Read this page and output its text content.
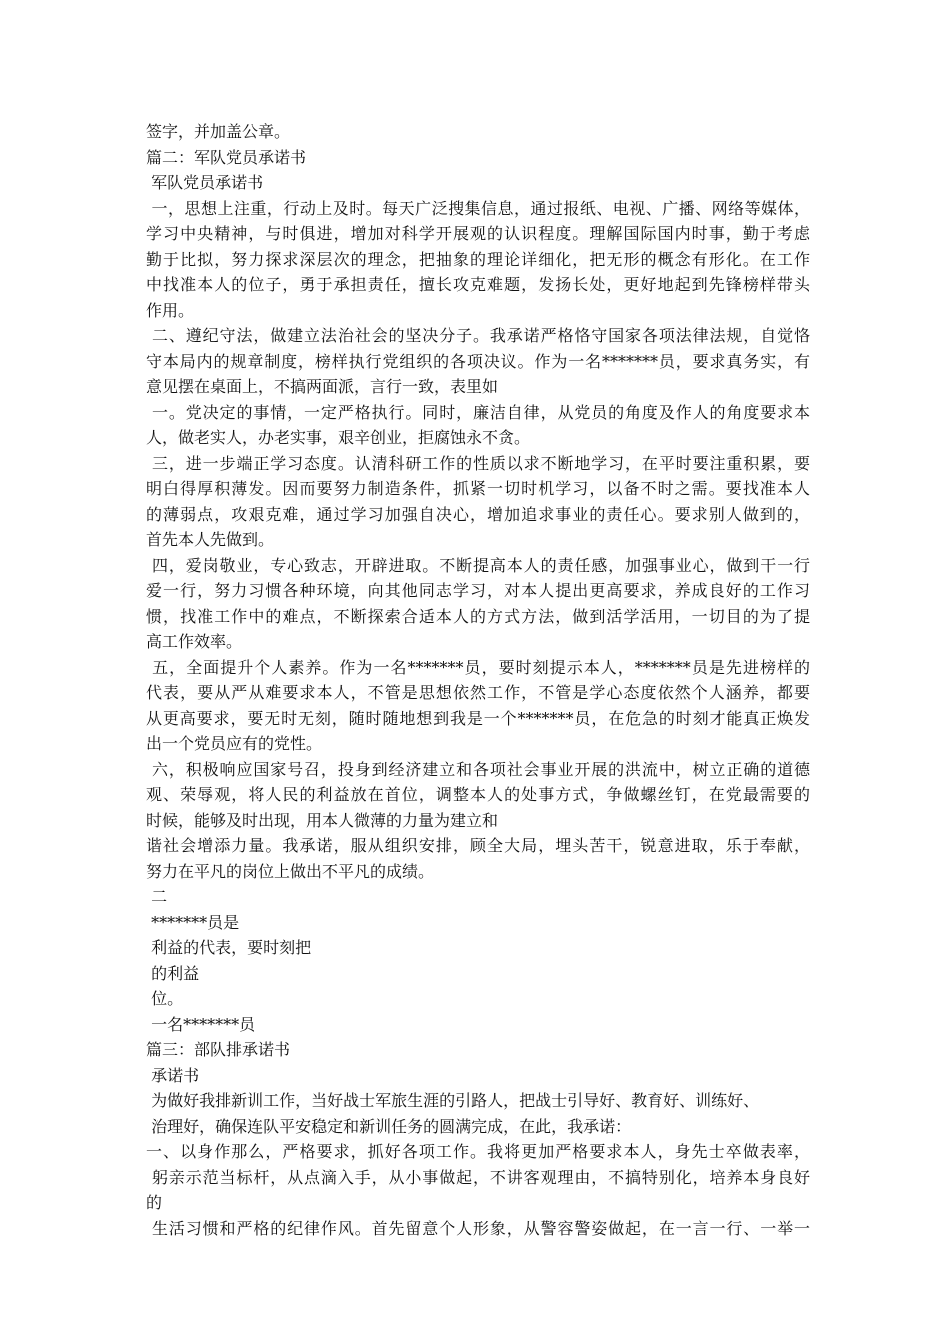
签字，并加盖公章。
篇二：军队党员承诺书
军队党员承诺书
一，思想上注重，行动上及时。每天广泛搜集信息，通过报纸、电视、广播、网络等媒体，
学习中央精神，与时俱进，增加对科学开展观的认识程度。理解国际国内时事，勤于考虑
勤于比拟，努力探求深层次的理念，把抽象的理论详细化，把无形的概念有形化。在工作
中找准本人的位子，勇于承担责任，擅长攻克难题，发扬长处，更好地起到先锋榜样带头
作用。
二、遵纪守法，做建立法治社会的坚决分子。我承诺严格恪守国家各项法律法规，自觉恪
守本局内的规章制度，榜样执行党组织的各项决议。作为一名*******员，要求真务实，有
意见摆在桌面上，不搞两面派，言行一致，表里如
一。党决定的事情，一定严格执行。同时，廉洁自律，从党员的角度及作人的角度要求本
人，做老实人，办老实事，艰辛创业，拒腐蚀永不贪。
三，进一步端正学习态度。认清科研工作的性质以求不断地学习，在平时要注重积累，要
明白得厚积薄发。因而要努力制造条件，抓紧一切时机学习，以备不时之需。要找准本人
的薄弱点，攻艰克难，通过学习加强自决心，增加追求事业的责任心。要求别人做到的，
首先本人先做到。
四，爱岗敬业，专心致志，开辟进取。不断提高本人的责任感，加强事业心，做到干一行
爱一行，努力习惯各种环境，向其他同志学习，对本人提出更高要求，养成良好的工作习
惯，找准工作中的难点，不断探索合适本人的方式方法，做到活学活用，一切目的为了提
高工作效率。
五，全面提升个人素养。作为一名*******员，要时刻提示本人，*******员是先进榜样的
代表，要从严从难要求本人，不管是思想依然工作，不管是学心态度依然个人涵养，都要
从更高要求，要无时无刻，随时随地想到我是一个*******员，在危急的时刻才能真正焕发
出一个党员应有的党性。
六，积极响应国家号召，投身到经济建立和各项社会事业开展的洪流中，树立正确的道德
观、荣辱观，将人民的利益放在首位，调整本人的处事方式，争做螺丝钉，在党最需要的
时候，能够及时出现，用本人微薄的力量为建立和
谐社会增添力量。我承诺，服从组织安排，顾全大局，埋头苦干，锐意进取，乐于奉献，
努力在平凡的岗位上做出不平凡的成绩。
二
*******员是
利益的代表，要时刻把
的利益
位。
一名*******员
篇三：部队排承诺书
承诺书
为做好我排新训工作，当好战士军旅生涯的引路人，把战士引导好、教育好、训练好、
治理好，确保连队平安稳定和新训任务的圆满完成，在此，我承诺：
一、以身作那么，严格要求，抓好各项工作。我将更加严格要求本人，身先士卒做表率，
躬亲示范当标杆，从点滴入手，从小事做起，不讲客观理由，不搞特别化，培养本身良好
的
生活习惯和严格的纪律作风。首先留意个人形象，从警容警姿做起，在一言一行、一举一
